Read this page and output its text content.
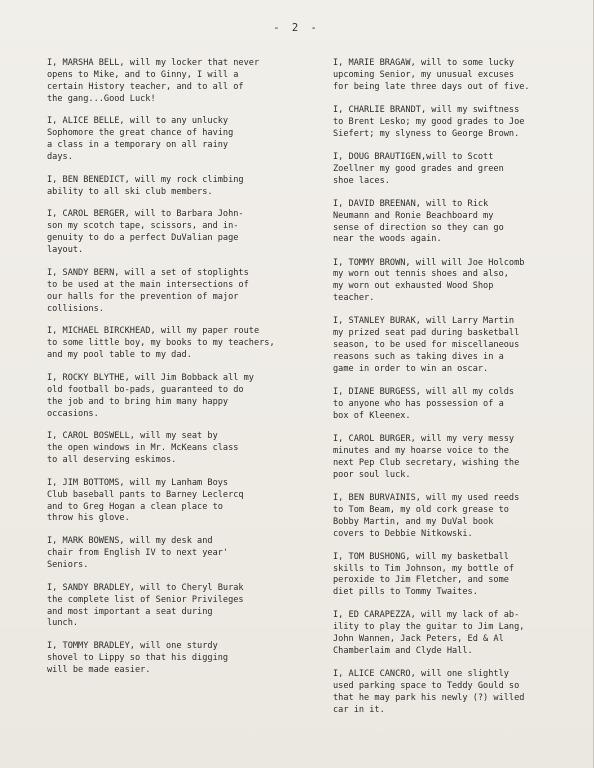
- 2 -

I, MARSHA BELL, will my locker that never
opens to Mike, and to Ginny, I will a
certain History teacher, and to all of
the gang...Good Luck!

I, ALICE BELLE, will to any unlucky
Sophomore the great chance of having
a class in a temporary on all rainy
days.

I, BEN BENEDICT, will my rock climbing
ability to all ski club members.

I, CAROL BERGER, will to Barbara John-
son my scotch tape, scissors, and in-
genuity to do a perfect DuValian page
layout.

I, SANDY BERN, will a set of stoplights
to be used at the main intersections of
our halls for the prevention of major
collisions.

I, MICHAEL BIRCKHEAD, will my paper route
to some little boy, my books to my teachers,
and my pool table to my dad.

I, ROCKY BLYTHE, will Jim Bobback all my
old football bo-pads, guaranteed to do
the job and to bring him many happy
occasions.

I, CAROL BOSWELL, will my seat by
the open windows in Mr. McKeans class
to all deserving eskimos.

I, JIM BOTTOMS, will my Lanham Boys
Club baseball pants to Barney Leclercq
and to Greg Hogan a clean place to
throw his glove.

I, MARK BOWENS, will my desk and
chair from English IV to next year'
Seniors.

I, SANDY BRADLEY, will to Cheryl Burak
the complete list of Senior Privileges
and most important a seat during
lunch.

I, TOMMY BRADLEY, will one sturdy
shovel to Lippy so that his digging
will be made easier.

I, MARIE BRAGAW, will to some lucky
upcoming Senior, my unusual excuses
for being late three days out of five.

I, CHARLIE BRANDT, will my swiftness
to Brent Lesko; my good grades to Joe
Siefert; my slyness to George Brown.

I, DOUG BRAUTIGEN,will to Scott
Zoellner my good grades and green
shoe laces.

I, DAVID BREENAN, will to Rick
Neumann and Ronie Beachboard my
sense of direction so they can go
near the woods again.

I, TOMMY BROWN, will will Joe Holcomb
my worn out tennis shoes and also,
my worn out exhausted Wood Shop
teacher.

I, STANLEY BURAK, will Larry Martin
my prized seat pad during basketball
season, to be used for miscellaneous
reasons such as taking dives in a
game in order to win an oscar.

I, DIANE BURGESS, will all my colds
to anyone who has possession of a
box of Kleenex.

I, CAROL BURGER, will my very messy
minutes and my hoarse voice to the
next Pep Club secretary, wishing the
poor soul luck.

I, BEN BURVAINIS, will my used reeds
to Tom Beam, my old cork grease to
Bobby Martin, and my DuVal book
covers to Debbie Nitkowski.

I, TOM BUSHONG, will my basketball
skills to Tim Johnson, my bottle of
peroxide to Jim Fletcher, and some
diet pills to Tommy Twaites.

I, ED CARAPEZZA, will my lack of ab-
ility to play the guitar to Jim Lang,
John Wannen, Jack Peters, Ed & Al
Chamberlaim and Clyde Hall.

I, ALICE CANCRO, will one slightly
used parking space to Teddy Gould so
that he may park his newly (?) willed
car in it.
